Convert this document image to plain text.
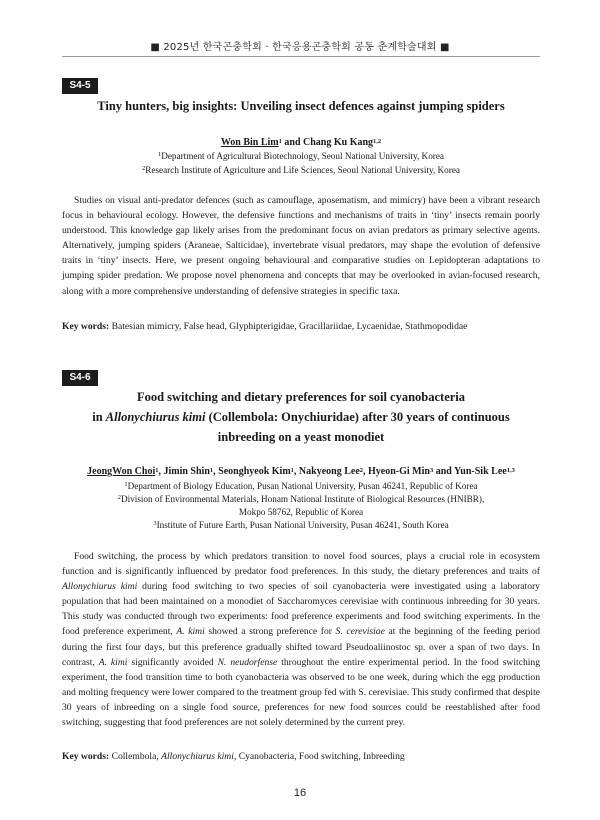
■ 2025년 한국곤충학회 · 한국응용곤충학회 공동 춘계학술대회 ■
S4-5
Tiny hunters, big insights: Unveiling insect defences against jumping spiders
Won Bin Lim$^1$ and Chang Ku Kang$^{1,2}$
$^1$Department of Agricultural Biotechnology, Seoul National University, Korea
$^2$Research Institute of Agriculture and Life Sciences, Seoul National University, Korea
Studies on visual anti-predator defences (such as camouflage, aposematism, and mimicry) have been a vibrant research focus in behavioural ecology. However, the defensive functions and mechanisms of traits in ‘tiny’ insects remain poorly understood. This knowledge gap likely arises from the predominant focus on avian predators as primary selective agents. Alternatively, jumping spiders (Araneae, Salticidae), invertebrate visual predators, may shape the evolution of defensive traits in ‘tiny’ insects. Here, we present ongoing behavioural and comparative studies on Lepidopteran adaptations to jumping spider predation. We propose novel phenomena and concepts that may be overlooked in avian-focused research, along with a more comprehensive understanding of defensive strategies in specific taxa.
Key words: Batesian mimicry, False head, Glyphipterigidae, Gracillariidae, Lycaenidae, Stathmopodidae
S4-6
Food switching and dietary preferences for soil cyanobacteria
in Allonychiurus kimi (Collembola: Onychiuridae) after 30 years of continuous
inbreeding on a yeast monodiet
JeongWon Choi$^1$, Jimin Shin$^1$, Seonghyeok Kim$^1$, Nakyeong Lee$^2$, Hyeon-Gi Min$^3$ and Yun-Sik Lee$^{1,3}$
$^1$Department of Biology Education, Pusan National University, Pusan 46241, Republic of Korea
$^2$Division of Environmental Materials, Honam National Institute of Biological Resources (HNIBR),
Mokpo 58762, Republic of Korea
$^3$Institute of Future Earth, Pusan National University, Pusan 46241, South Korea
Food switching, the process by which predators transition to novel food sources, plays a crucial role in ecosystem function and is significantly influenced by predator food preferences. In this study, the dietary preferences and traits of Allonychiurus kimi during food switching to two species of soil cyanobacteria were investigated using a laboratory population that had been maintained on a monodiet of Saccharomyces cerevisiae with continuous inbreeding for 30 years. This study was conducted through two experiments: food preference experiments and food switching experiments. In the food preference experiment, A. kimi showed a strong preference for S. cerevisiae at the beginning of the feeding period during the first four days, but this preference gradually shifted toward Pseudoaliinostoc sp. over a span of two days. In contrast, A. kimi significantly avoided N. neudorfense throughout the entire experimental period. In the food switching experiment, the food transition time to both cyanobacteria was observed to be one week, during which the egg production and molting frequency were lower compared to the treatment group fed with S. cerevisiae. This study confirmed that despite 30 years of inbreeding on a single food source, preferences for new food sources could be reestablished after food switching, suggesting that food preferences are not solely determined by the current prey.
Key words: Collembola, Allonychiurus kimi, Cyanobacteria, Food switching, Inbreeding
16
